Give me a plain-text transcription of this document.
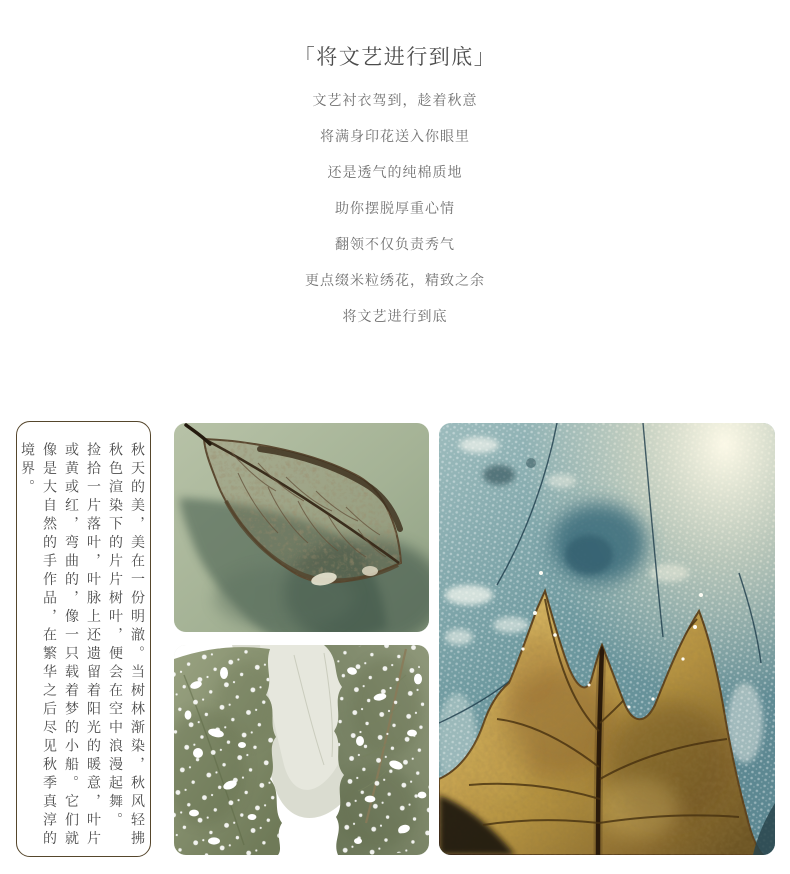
「将文艺进行到底」

文艺衬衣驾到，趁着秋意

将满身印花送入你眼里

还是透气的纯棉质地

助你摆脱厚重心情

翻领不仅负责秀气

更点缀米粒绣花，精致之余

将文艺进行到底

秋天的美，美在一份明澈。当树林渐染，秋风轻拂
秋色渲染下的片片树叶，便会在空中浪漫起舞。
捡拾一片落叶，叶脉上还遗留着阳光的暖意，叶片
或黄或红，弯曲的，像一只载着梦的小船。它们就
像是大自然的手作品，在繁华之后尽见秋季真淳的
境界。
